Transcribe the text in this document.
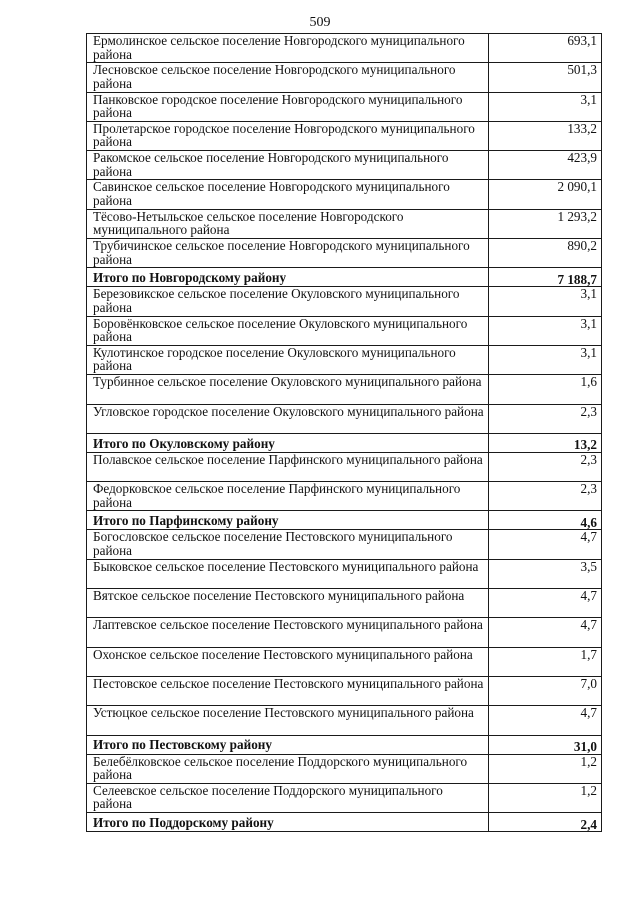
509
Ермолинское сельское поселение Новгородского муниципального района	693,1
Лесновское сельское поселение Новгородского муниципального района	501,3
Панковское городское поселение Новгородского муниципального района	3,1
Пролетарское городское поселение Новгородского муниципального района	133,2
Ракомское сельское поселение Новгородского муниципального района	423,9
Савинское сельское поселение Новгородского муниципального района	2 090,1
Тёсово-Нетыльское сельское поселение Новгородского муниципального района	1 293,2
Трубичинское сельское поселение Новгородского муниципального района	890,2
Итого по Новгородскому району	7 188,7
Березовикское сельское поселение Окуловского муниципального района	3,1
Боровёнковское сельское поселение Окуловского муниципального района	3,1
Кулотинское городское поселение Окуловского муниципального района	3,1
Турбинное сельское поселение Окуловского муниципального района	1,6
Угловское городское поселение Окуловского муниципального района	2,3
Итого по Окуловскому району	13,2
Полавское сельское поселение Парфинского муниципального района	2,3
Федорковское сельское поселение Парфинского муниципального района	2,3
Итого по Парфинскому району	4,6
Богословское сельское поселение Пестовского муниципального района	4,7
Быковское сельское поселение Пестовского муниципального района	3,5
Вятское сельское поселение Пестовского муниципального района	4,7
Лаптевское сельское поселение Пестовского муниципального района	4,7
Охонское сельское поселение Пестовского муниципального района	1,7
Пестовское сельское поселение Пестовского муниципального района	7,0
Устюцкое сельское поселение Пестовского муниципального района	4,7
Итого по Пестовскому району	31,0
Белебёлковское сельское поселение Поддорского муниципального района	1,2
Селеевское сельское поселение Поддорского муниципального района	1,2
Итого по Поддорскому району	2,4
